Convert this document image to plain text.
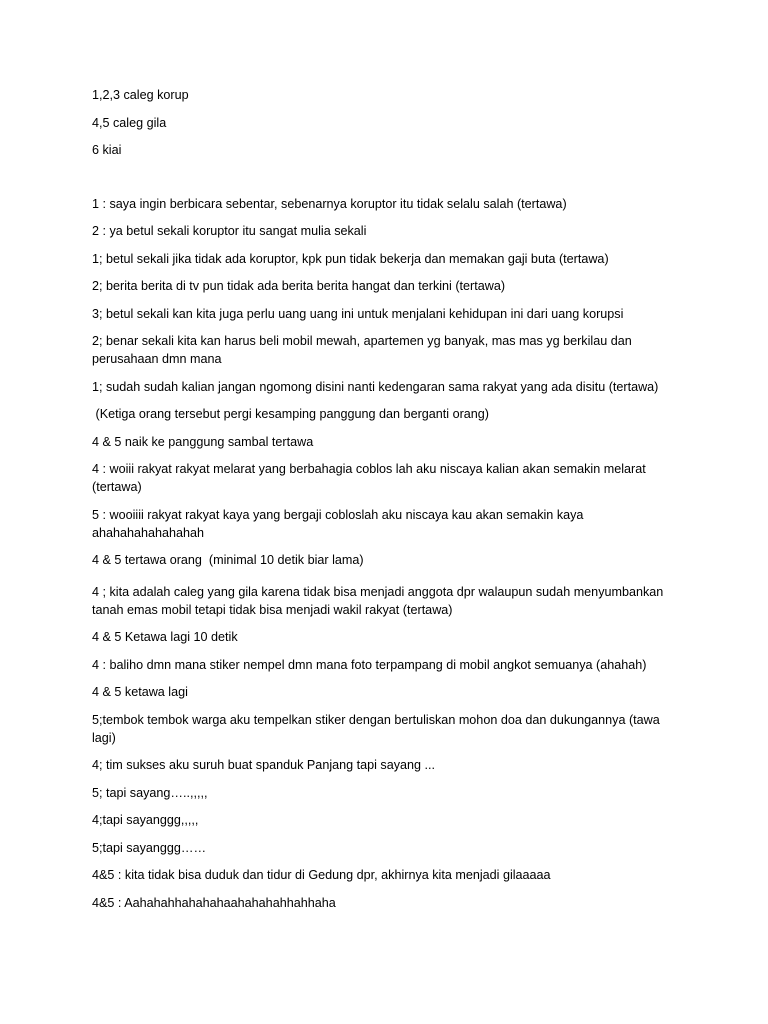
1,2,3 caleg korup

4,5 caleg gila

6 kiai

1 : saya ingin berbicara sebentar, sebenarnya koruptor itu tidak selalu salah (tertawa)

2 : ya betul sekali koruptor itu sangat mulia sekali

1; betul sekali jika tidak ada koruptor, kpk pun tidak bekerja dan memakan gaji buta (tertawa)

2; berita berita di tv pun tidak ada berita berita hangat dan terkini (tertawa)

3; betul sekali kan kita juga perlu uang uang ini untuk menjalani kehidupan ini dari uang korupsi

2; benar sekali kita kan harus beli mobil mewah, apartemen yg banyak, mas mas yg berkilau dan perusahaan dmn mana

1; sudah sudah kalian jangan ngomong disini nanti kedengaran sama rakyat yang ada disitu (tertawa)

(Ketiga orang tersebut pergi kesamping panggung dan berganti orang)

4 & 5 naik ke panggung sambal tertawa

4 : woiii rakyat rakyat melarat yang berbahagia coblos lah aku niscaya kalian akan semakin melarat (tertawa)

5 : wooiiii rakyat rakyat kaya yang bergaji cobloslah aku niscaya kau akan semakin kaya ahahahahahahahah

4 & 5 tertawa orang  (minimal 10 detik biar lama)

4 ; kita adalah caleg yang gila karena tidak bisa menjadi anggota dpr walaupun sudah menyumbankan tanah emas mobil tetapi tidak bisa menjadi wakil rakyat (tertawa)

4 & 5 Ketawa lagi 10 detik

4 : baliho dmn mana stiker nempel dmn mana foto terpampang di mobil angkot semuanya (ahahah)

4 & 5 ketawa lagi

5;tembok tembok warga aku tempelkan stiker dengan bertuliskan mohon doa dan dukungannya (tawa lagi)

4; tim sukses aku suruh buat spanduk Panjang tapi sayang ...

5; tapi sayang…..,,,,,

4;tapi sayanggg,,,,,

5;tapi sayanggg……

4&5 : kita tidak bisa duduk dan tidur di Gedung dpr, akhirnya kita menjadi gilaaaaa

4&5 : Aahahahhahahahaahahahahhahhaha
